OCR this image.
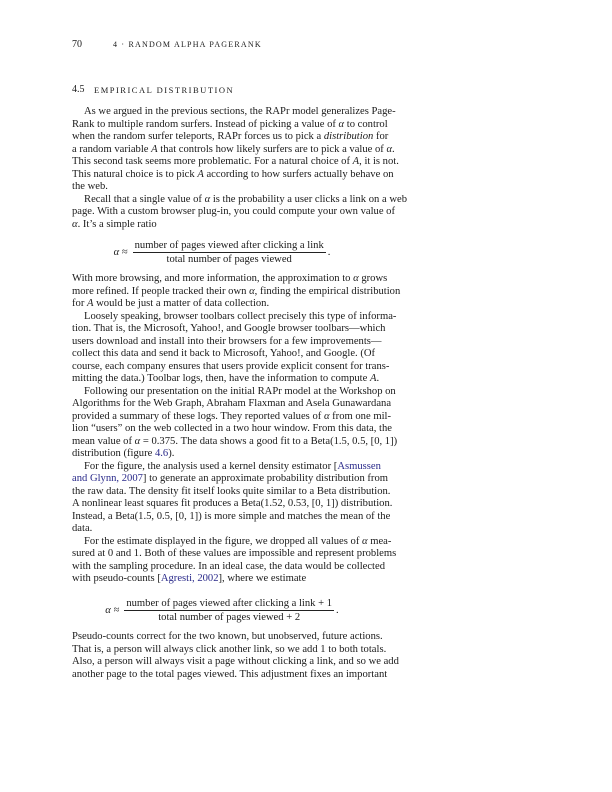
70	4 · RANDOM ALPHA PAGERANK
4.5 EMPIRICAL DISTRIBUTION
As we argued in the previous sections, the RAPr model generalizes Page-
Rank to multiple random surfers. Instead of picking a value of α to control
when the random surfer teleports, RAPr forces us to pick a distribution for
a random variable A that controls how likely surfers are to pick a value of α.
This second task seems more problematic. For a natural choice of A, it is not.
This natural choice is to pick A according to how surfers actually behave on
the web.
Recall that a single value of α is the probability a user clicks a link on a web
page. With a custom browser plug-in, you could compute your own value of
α. It’s a simple ratio
$\alpha \approx \frac{\text{number of pages viewed after clicking a link}}{\text{total number of pages viewed}}$ .
With more browsing, and more information, the approximation to α grows
more refined. If people tracked their own α, finding the empirical distribution
for A would be just a matter of data collection.
Loosely speaking, browser toolbars collect precisely this type of informa-
tion. That is, the Microsoft, Yahoo!, and Google browser toolbars—which
users download and install into their browsers for a few improvements—
collect this data and send it back to Microsoft, Yahoo!, and Google. (Of
course, each company ensures that users provide explicit consent for trans-
mitting the data.) Toolbar logs, then, have the information to compute A.
Following our presentation on the initial RAPr model at the Workshop on
Algorithms for the Web Graph, Abraham Flaxman and Asela Gunawardana
provided a summary of these logs. They reported values of α from one mil-
lion “users” on the web collected in a two hour window. From this data, the
mean value of α = 0.375. The data shows a good fit to a Beta(1.5, 0.5, [0, 1])
distribution (figure 4.6).
For the figure, the analysis used a kernel density estimator [Asmussen
and Glynn, 2007] to generate an approximate probability distribution from
the raw data. The density fit itself looks quite similar to a Beta distribution.
A nonlinear least squares fit produces a Beta(1.52, 0.53, [0, 1]) distribution.
Instead, a Beta(1.5, 0.5, [0, 1]) is more simple and matches the mean of the
data.
For the estimate displayed in the figure, we dropped all values of α mea-
sured at 0 and 1. Both of these values are impossible and represent problems
with the sampling procedure. In an ideal case, the data would be collected
with pseudo-counts [Agresti, 2002], where we estimate
$\alpha \approx \frac{\text{number of pages viewed after clicking a link + 1}}{\text{total number of pages viewed + 2}}$ .
Pseudo-counts correct for the two known, but unobserved, future actions.
That is, a person will always click another link, so we add 1 to both totals.
Also, a person will always visit a page without clicking a link, and so we add
another page to the total pages viewed. This adjustment fixes an important
